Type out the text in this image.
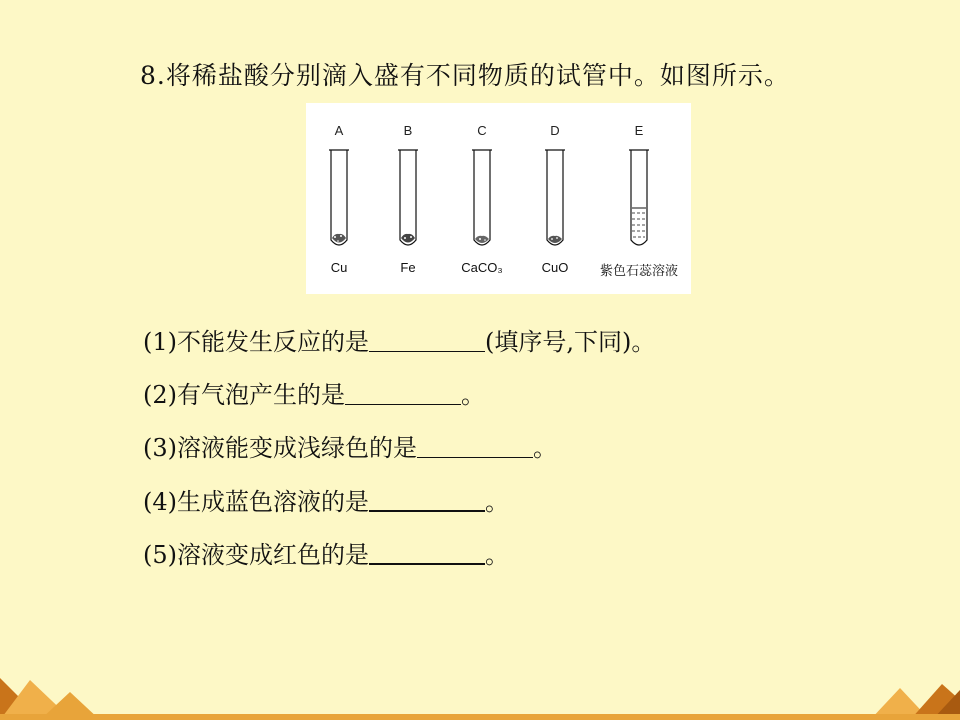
8.将稀盐酸分别滴入盛有不同物质的试管中。如图所示。
A
Cu
B
Fe
C
CaCO₃
D
CuO
E
紫色石蕊溶液
(1)不能发生反应的是	(填序号,下同)。
(2)有气泡产生的是	。
(3)溶液能变成浅绿色的是	。
(4)生成蓝色溶液的是	。
(5)溶液变成红色的是	。
